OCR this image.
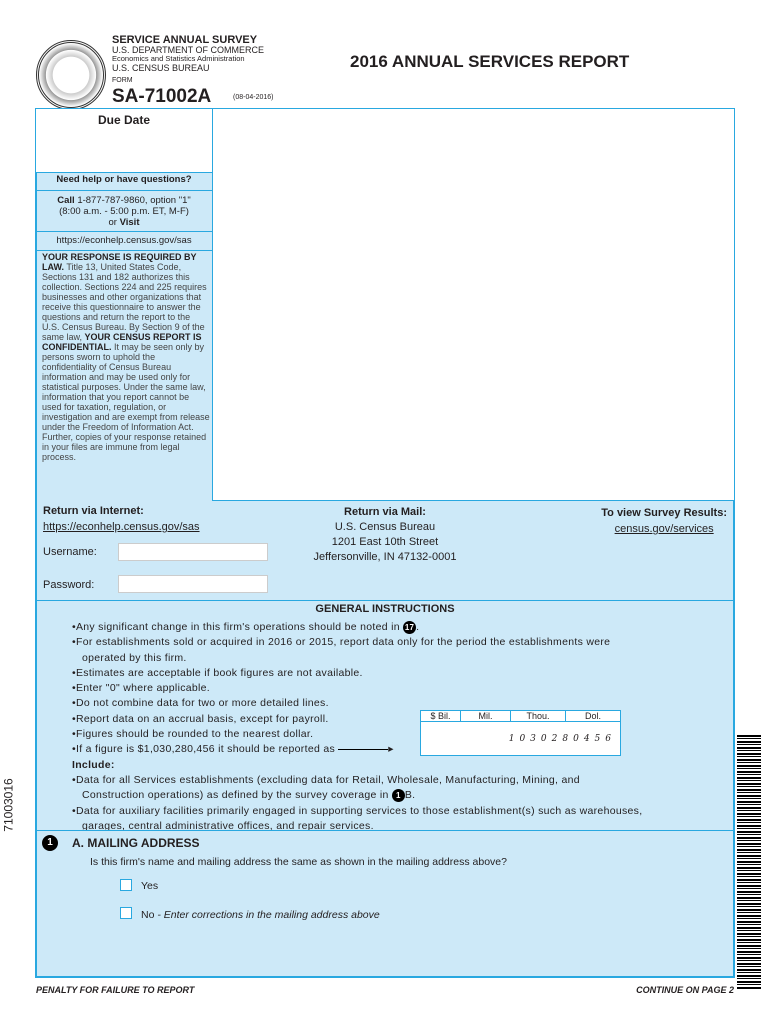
SERVICE ANNUAL SURVEY
U.S. DEPARTMENT OF COMMERCE
Economics and Statistics Administration
U.S. CENSUS BUREAU
FORM
SA-71002A	(08-04-2016)
2016 ANNUAL SERVICES REPORT
Due Date
Need help or have questions?
Call 1-877-787-9860, option "1"
(8:00 a.m. - 5:00 p.m. ET, M-F)
or Visit
https://econhelp.census.gov/sas
YOUR RESPONSE IS REQUIRED BY LAW. Title 13, United States Code, Sections 131 and 182 authorizes this collection. Sections 224 and 225 requires businesses and other organizations that receive this questionnaire to answer the questions and return the report to the U.S. Census Bureau. By Section 9 of the same law, YOUR CENSUS REPORT IS CONFIDENTIAL. It may be seen only by persons sworn to uphold the confidentiality of Census Bureau information and may be used only for statistical purposes. Under the same law, information that you report cannot be used for taxation, regulation, or investigation and are exempt from release under the Freedom of Information Act. Further, copies of your response retained in your files are immune from legal process.
Return via Internet:
https://econhelp.census.gov/sas
Username:
Password:
Return via Mail:
U.S. Census Bureau
1201 East 10th Street
Jeffersonville, IN 47132-0001
To view Survey Results:
census.gov/services
GENERAL INSTRUCTIONS
•Any significant change in this firm's operations should be noted in 17 .
•For establishments sold or acquired in 2016 or 2015, report data only for the period the establishments were
operated by this firm.
•Estimates are acceptable if book figures are not available.
•Enter "0" where applicable.
•Do not combine data for two or more detailed lines.
•Report data on an accrual basis, except for payroll.
•Figures should be rounded to the nearest dollar.
•If a figure is $1,030,280,456 it should be reported as	▸
Include:
•Data for all Services establishments (excluding data for Retail, Wholesale, Manufacturing, Mining, and
Construction operations) as defined by the survey coverage in 1 B.
•Data for auxiliary facilities primarily engaged in supporting services to those establishment(s) such as warehouses,
garages, central administrative offices, and repair services.
$ Bil.	Mil.	Thou.	Dol.
1030280456
1	A. MAILING ADDRESS
Is this firm's name and mailing address the same as shown in the mailing address above?
Yes
No - Enter corrections in the mailing address above
PENALTY FOR FAILURE TO REPORT	CONTINUE ON PAGE 2
71003016
